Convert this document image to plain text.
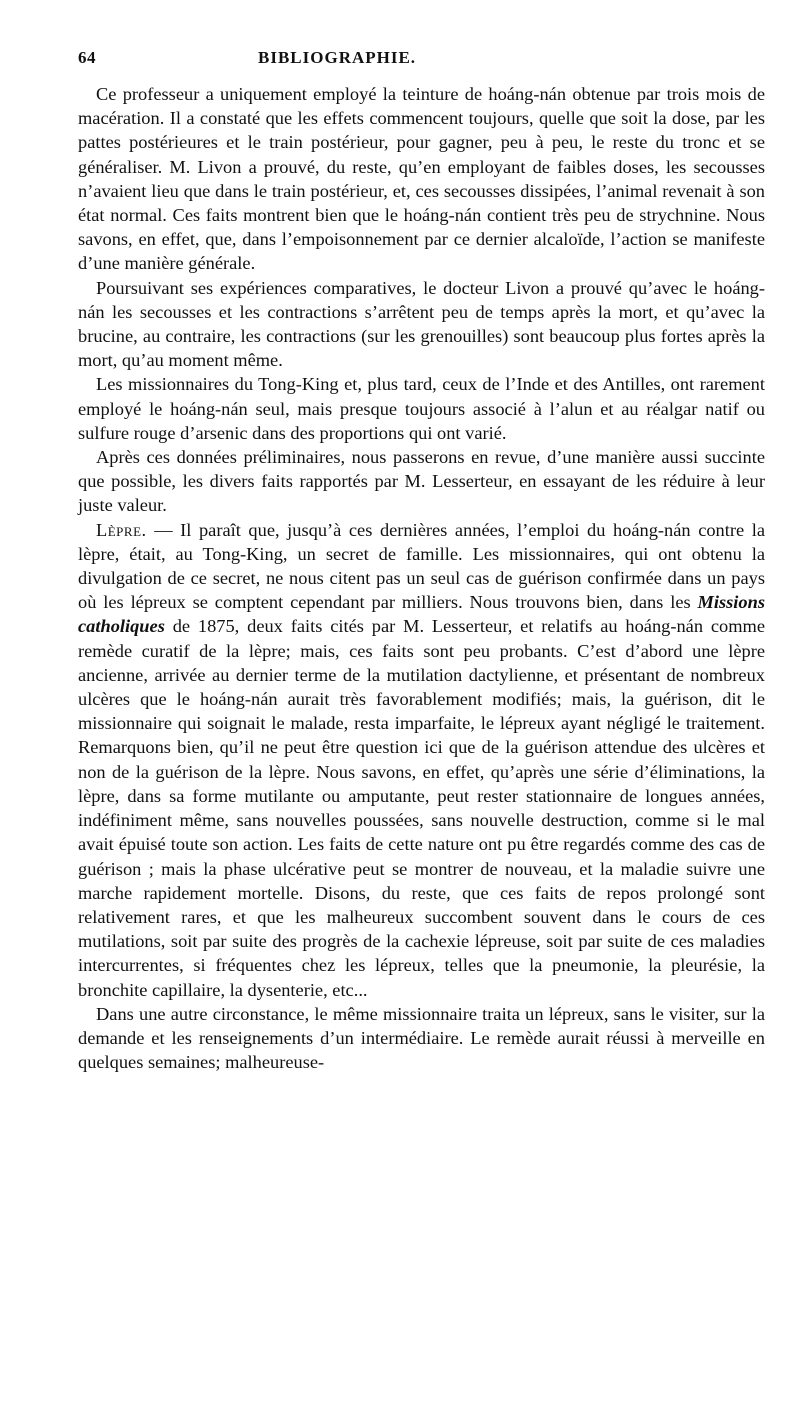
64	BIBLIOGRAPHIE.

Ce professeur a uniquement employé la teinture de hoáng-nán obtenue par trois mois de macération. Il a constaté que les effets commencent toujours, quelle que soit la dose, par les pattes postérieures et le train postérieur, pour gagner, peu à peu, le reste du tronc et se généraliser. M. Livon a prouvé, du reste, qu’en employant de faibles doses, les secousses n’avaient lieu que dans le train postérieur, et, ces secousses dissipées, l’animal revenait à son état normal. Ces faits montrent bien que le hoáng-nán contient très peu de strychnine. Nous savons, en effet, que, dans l’empoisonnement par ce dernier alcaloïde, l’action se manifeste d’une manière générale.

Poursuivant ses expériences comparatives, le docteur Livon a prouvé qu’avec le hoáng-nán les secousses et les contractions s’arrêtent peu de temps après la mort, et qu’avec la brucine, au contraire, les contractions (sur les grenouilles) sont beaucoup plus fortes après la mort, qu’au moment même.

Les missionnaires du Tong-King et, plus tard, ceux de l’Inde et des Antilles, ont rarement employé le hoáng-nán seul, mais presque toujours associé à l’alun et au réalgar natif ou sulfure rouge d’arsenic dans des proportions qui ont varié.

Après ces données préliminaires, nous passerons en revue, d’une manière aussi succinte que possible, les divers faits rapportés par M. Lesserteur, en essayant de les réduire à leur juste valeur.

Lèpre. — Il paraît que, jusqu’à ces dernières années, l’emploi du hoáng-nán contre la lèpre, était, au Tong-King, un secret de famille. Les missionnaires, qui ont obtenu la divulgation de ce secret, ne nous citent pas un seul cas de guérison confirmée dans un pays où les lépreux se comptent cependant par milliers. Nous trouvons bien, dans les Missions catholiques de 1875, deux faits cités par M. Lesserteur, et relatifs au hoáng-nán comme remède curatif de la lèpre; mais, ces faits sont peu probants. C’est d’abord une lèpre ancienne, arrivée au dernier terme de la mutilation dactylienne, et présentant de nombreux ulcères que le hoáng-nán aurait très favorablement modifiés; mais, la guérison, dit le missionnaire qui soignait le malade, resta imparfaite, le lépreux ayant négligé le traitement. Remarquons bien, qu’il ne peut être question ici que de la guérison attendue des ulcères et non de la guérison de la lèpre. Nous savons, en effet, qu’après une série d’éliminations, la lèpre, dans sa forme mutilante ou amputante, peut rester stationnaire de longues années, indéfiniment même, sans nouvelles poussées, sans nouvelle destruction, comme si le mal avait épuisé toute son action. Les faits de cette nature ont pu être regardés comme des cas de guérison ; mais la phase ulcérative peut se montrer de nouveau, et la maladie suivre une marche rapidement mortelle. Disons, du reste, que ces faits de repos prolongé sont relativement rares, et que les malheureux succombent souvent dans le cours de ces mutilations, soit par suite des progrès de la cachexie lépreuse, soit par suite de ces maladies intercurrentes, si fréquentes chez les lépreux, telles que la pneumonie, la pleurésie, la bronchite capillaire, la dysenterie, etc...

Dans une autre circonstance, le même missionnaire traita un lépreux, sans le visiter, sur la demande et les renseignements d’un intermédiaire. Le remède aurait réussi à merveille en quelques semaines; malheureuse-
